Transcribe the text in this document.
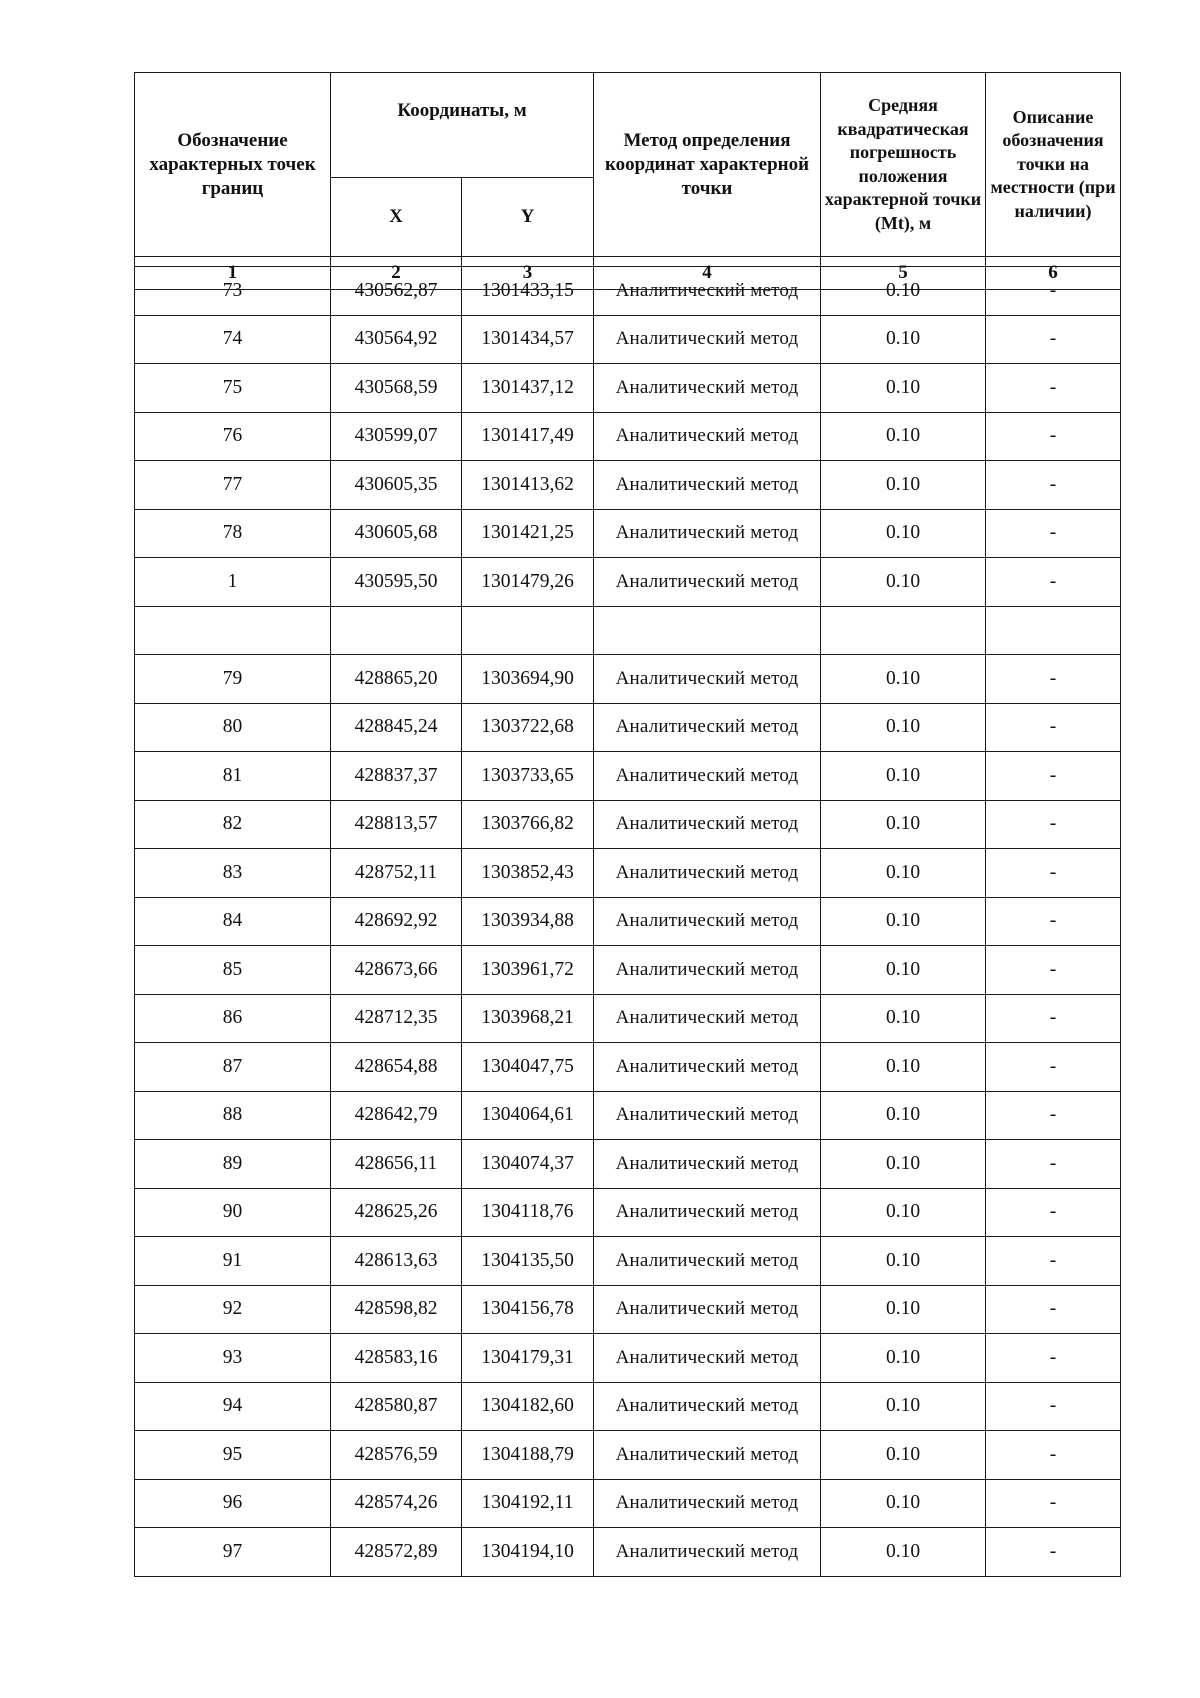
Обозначение характерных точек границ	Координаты, м		Метод определения координат характерной точки	Средняя квадратическая погрешность положения характерной точки (Mt), м	Описание обозначения точки на местности (при наличии)
	X	Y			
1	2	3	4	5	6
73	430562,87	1301433,15	Аналитический метод	0.10	-
74	430564,92	1301434,57	Аналитический метод	0.10	-
75	430568,59	1301437,12	Аналитический метод	0.10	-
76	430599,07	1301417,49	Аналитический метод	0.10	-
77	430605,35	1301413,62	Аналитический метод	0.10	-
78	430605,68	1301421,25	Аналитический метод	0.10	-
1	430595,50	1301479,26	Аналитический метод	0.10	-

79	428865,20	1303694,90	Аналитический метод	0.10	-
80	428845,24	1303722,68	Аналитический метод	0.10	-
81	428837,37	1303733,65	Аналитический метод	0.10	-
82	428813,57	1303766,82	Аналитический метод	0.10	-
83	428752,11	1303852,43	Аналитический метод	0.10	-
84	428692,92	1303934,88	Аналитический метод	0.10	-
85	428673,66	1303961,72	Аналитический метод	0.10	-
86	428712,35	1303968,21	Аналитический метод	0.10	-
87	428654,88	1304047,75	Аналитический метод	0.10	-
88	428642,79	1304064,61	Аналитический метод	0.10	-
89	428656,11	1304074,37	Аналитический метод	0.10	-
90	428625,26	1304118,76	Аналитический метод	0.10	-
91	428613,63	1304135,50	Аналитический метод	0.10	-
92	428598,82	1304156,78	Аналитический метод	0.10	-
93	428583,16	1304179,31	Аналитический метод	0.10	-
94	428580,87	1304182,60	Аналитический метод	0.10	-
95	428576,59	1304188,79	Аналитический метод	0.10	-
96	428574,26	1304192,11	Аналитический метод	0.10	-
97	428572,89	1304194,10	Аналитический метод	0.10	-
